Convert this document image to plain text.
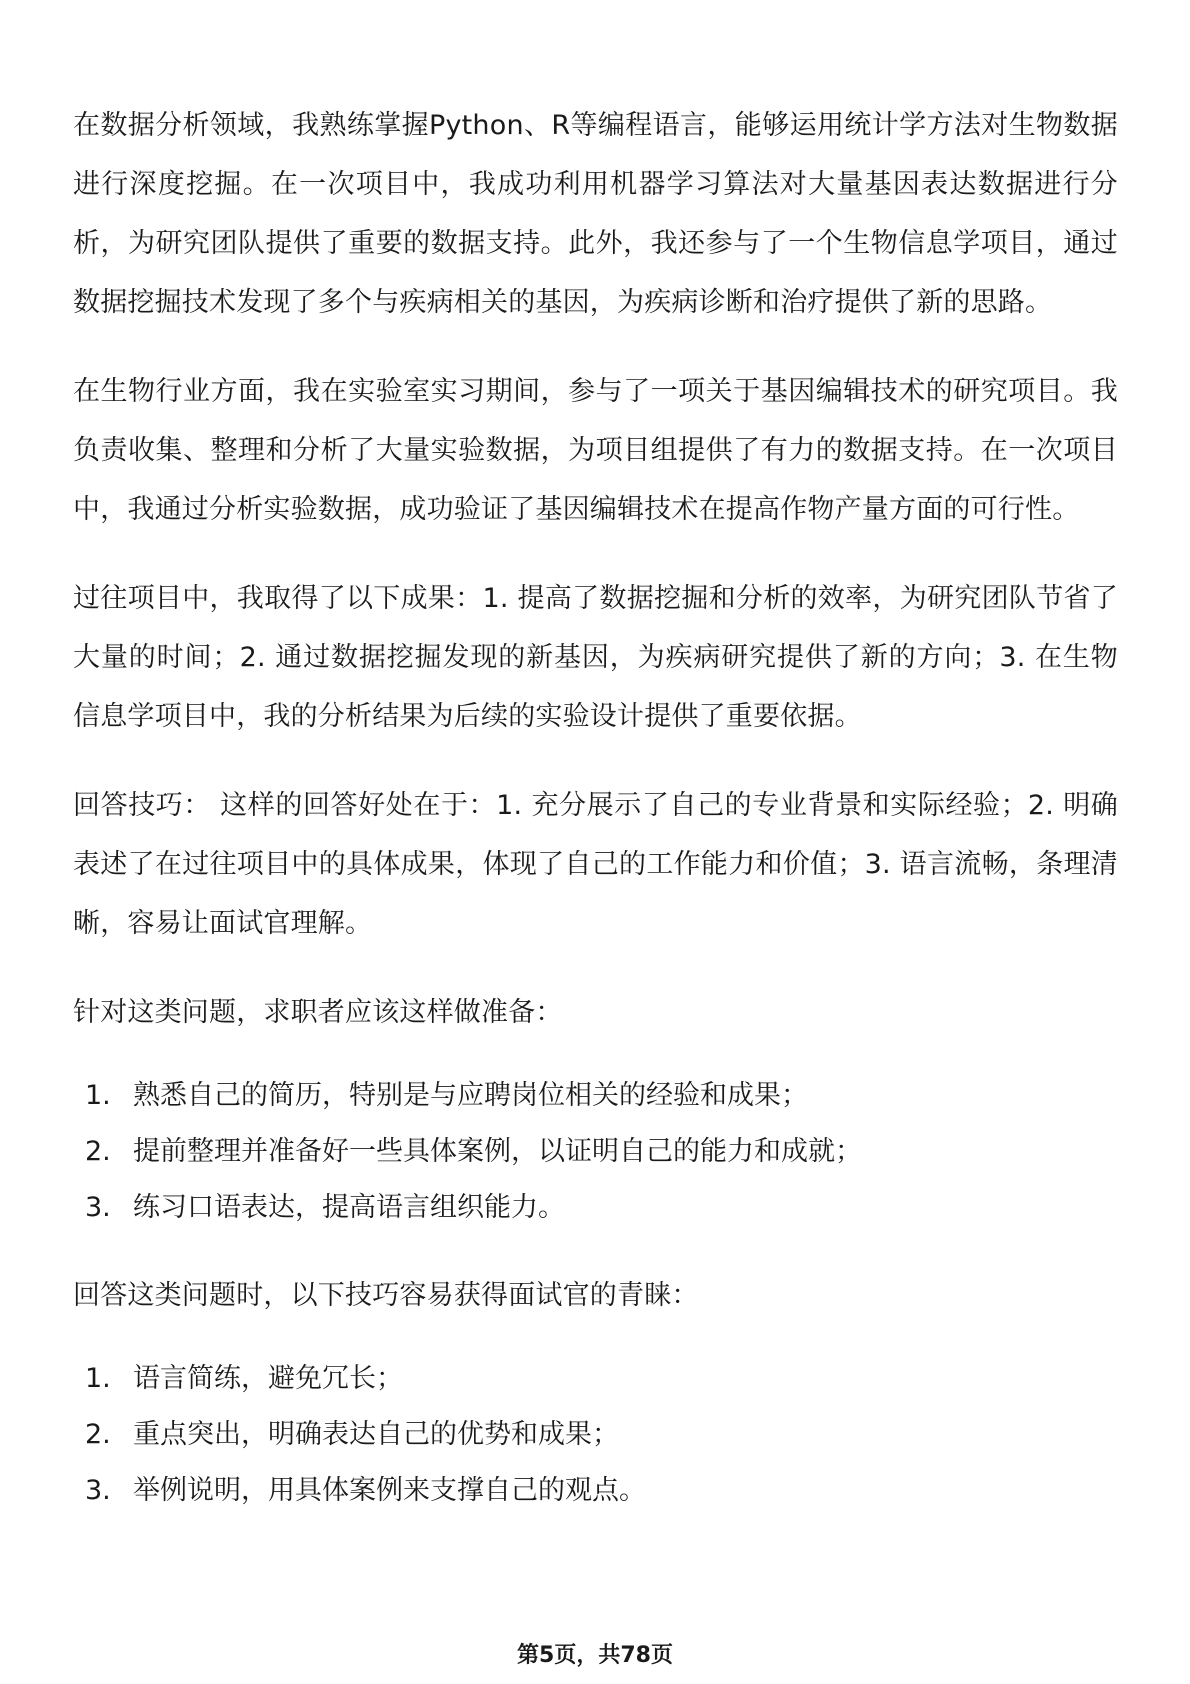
在数据分析领域，我熟练掌握Python、R等编程语言，能够运用统计学方法对生物数据进行深度挖掘。在一次项目中，我成功利用机器学习算法对大量基因表达数据进行分析，为研究团队提供了重要的数据支持。此外，我还参与了一个生物信息学项目，通过数据挖掘技术发现了多个与疾病相关的基因，为疾病诊断和治疗提供了新的思路。

在生物行业方面，我在实验室实习期间，参与了一项关于基因编辑技术的研究项目。我负责收集、整理和分析了大量实验数据，为项目组提供了有力的数据支持。在一次项目中，我通过分析实验数据，成功验证了基因编辑技术在提高作物产量方面的可行性。

过往项目中，我取得了以下成果：1. 提高了数据挖掘和分析的效率，为研究团队节省了大量的时间；2. 通过数据挖掘发现的新基因，为疾病研究提供了新的方向；3. 在生物信息学项目中，我的分析结果为后续的实验设计提供了重要依据。

回答技巧： 这样的回答好处在于：1. 充分展示了自己的专业背景和实际经验；2. 明确表述了在过往项目中的具体成果，体现了自己的工作能力和价值；3. 语言流畅，条理清晰，容易让面试官理解。

针对这类问题，求职者应该这样做准备：

1. 熟悉自己的简历，特别是与应聘岗位相关的经验和成果；
2. 提前整理并准备好一些具体案例，以证明自己的能力和成就；
3. 练习口语表达，提高语言组织能力。

回答这类问题时，以下技巧容易获得面试官的青睐：

1. 语言简练，避免冗长；
2. 重点突出，明确表达自己的优势和成果；
3. 举例说明，用具体案例来支撑自己的观点。
第5页，共78页
